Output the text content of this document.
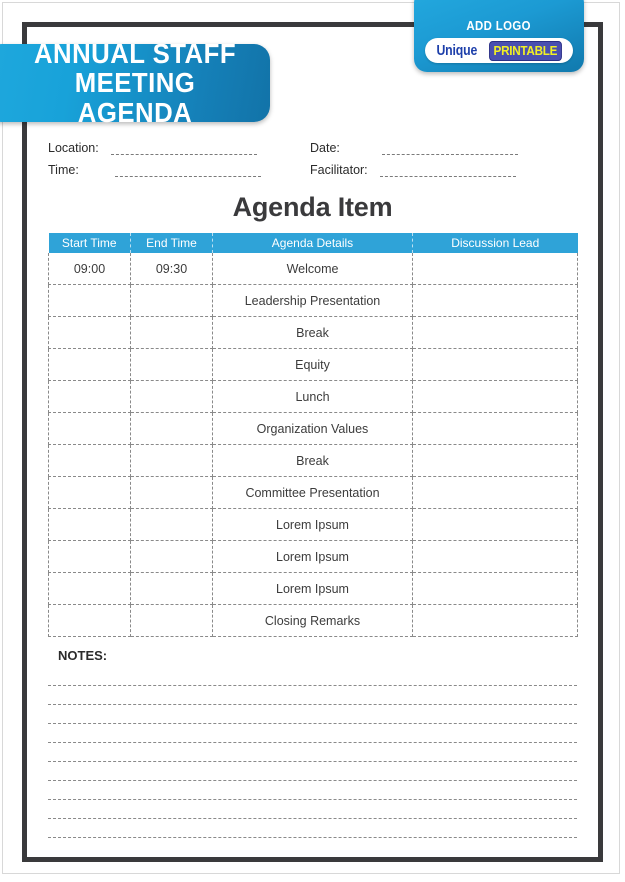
ANNUAL STAFF
MEETING AGENDA
ADD LOGO
Unique	PRINTABLE
Location:
Time:
Date:
Facilitator:
Agenda Item
Start Time	End Time	Agenda Details	Discussion Lead
09:00	09:30	Welcome	
		Leadership Presentation	
		Break	
		Equity	
		Lunch	
		Organization Values	
		Break	
		Committee Presentation	
		Lorem Ipsum	
		Lorem Ipsum	
		Lorem Ipsum	
		Closing Remarks	
NOTES:
